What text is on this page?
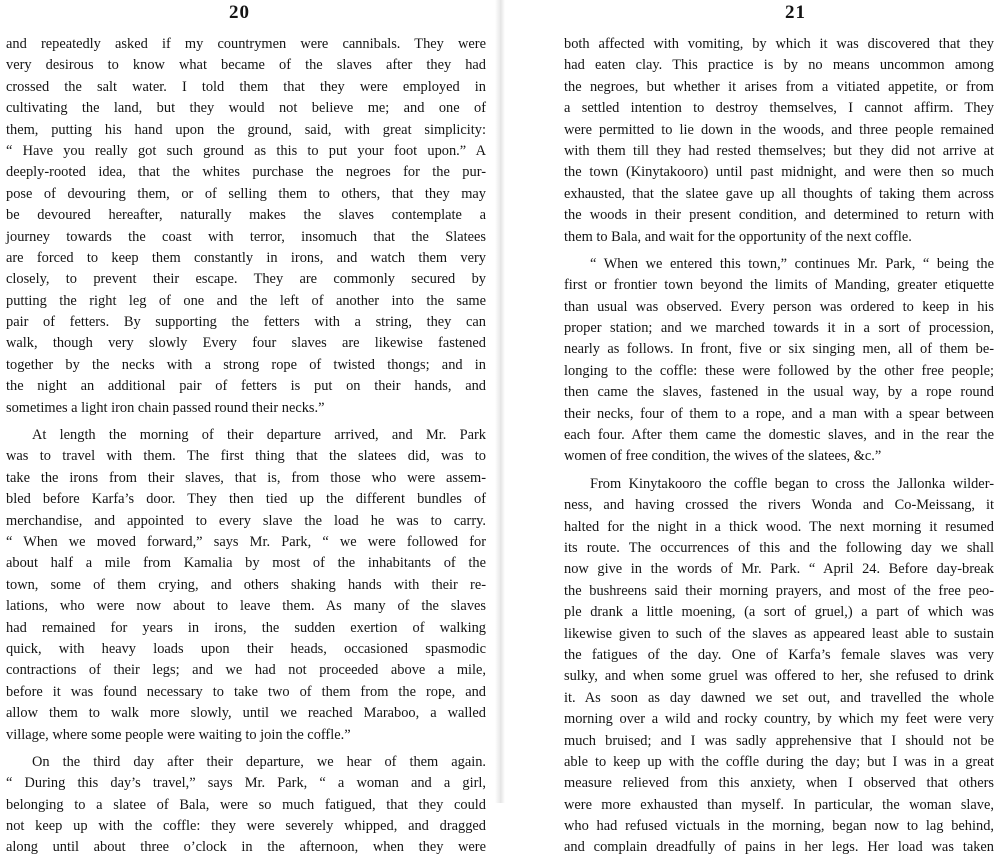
20
and repeatedly asked if my countrymen were cannibals. They were
very desirous to know what became of the slaves after they had
crossed the salt water. I told them that they were employed in
cultivating the land, but they would not believe me; and one of
them, putting his hand upon the ground, said, with great simplicity:
“ Have you really got such ground as this to put your foot upon.” A
deeply-rooted idea, that the whites purchase the negroes for the pur-
pose of devouring them, or of selling them to others, that they may
be devoured hereafter, naturally makes the slaves contemplate a
journey towards the coast with terror, insomuch that the Slatees
are forced to keep them constantly in irons, and watch them very
closely, to prevent their escape. They are commonly secured by
putting the right leg of one and the left of another into the same
pair of fetters. By supporting the fetters with a string, they can
walk, though very slowly Every four slaves are likewise fastened
together by the necks with a strong rope of twisted thongs; and in
the night an additional pair of fetters is put on their hands, and
sometimes a light iron chain passed round their necks.”
At length the morning of their departure arrived, and Mr. Park
was to travel with them. The first thing that the slatees did, was to
take the irons from their slaves, that is, from those who were assem-
bled before Karfa’s door. They then tied up the different bundles of
merchandise, and appointed to every slave the load he was to carry.
“ When we moved forward,” says Mr. Park, “ we were followed for
about half a mile from Kamalia by most of the inhabitants of the
town, some of them crying, and others shaking hands with their re-
lations, who were now about to leave them. As many of the slaves
had remained for years in irons, the sudden exertion of walking
quick, with heavy loads upon their heads, occasioned spasmodic
contractions of their legs; and we had not proceeded above a mile,
before it was found necessary to take two of them from the rope, and
allow them to walk more slowly, until we reached Maraboo, a walled
village, where some people were waiting to join the coffle.”
On the third day after their departure, we hear of them again.
“ During this day’s travel,” says Mr. Park, “ a woman and a girl,
belonging to a slatee of Bala, were so much fatigued, that they could
not keep up with the coffle: they were severely whipped, and dragged
along until about three o’clock in the afternoon, when they were
21
both affected with vomiting, by which it was discovered that they
had eaten clay. This practice is by no means uncommon among
the negroes, but whether it arises from a vitiated appetite, or from
a settled intention to destroy themselves, I cannot affirm. They
were permitted to lie down in the woods, and three people remained
with them till they had rested themselves; but they did not arrive at
the town (Kinytakooro) until past midnight, and were then so much
exhausted, that the slatee gave up all thoughts of taking them across
the woods in their present condition, and determined to return with
them to Bala, and wait for the opportunity of the next coffle.
“ When we entered this town,” continues Mr. Park, “ being the
first or frontier town beyond the limits of Manding, greater etiquette
than usual was observed. Every person was ordered to keep in his
proper station; and we marched towards it in a sort of procession,
nearly as follows. In front, five or six singing men, all of them be-
longing to the coffle: these were followed by the other free people;
then came the slaves, fastened in the usual way, by a rope round
their necks, four of them to a rope, and a man with a spear between
each four. After them came the domestic slaves, and in the rear the
women of free condition, the wives of the slatees, &c.”
From Kinytakooro the coffle began to cross the Jallonka wilder-
ness, and having crossed the rivers Wonda and Co-Meissang, it
halted for the night in a thick wood. The next morning it resumed
its route. The occurrences of this and the following day we shall
now give in the words of Mr. Park. “ April 24. Before day-break
the bushreens said their morning prayers, and most of the free peo-
ple drank a little moening, (a sort of gruel,) a part of which was
likewise given to such of the slaves as appeared least able to sustain
the fatigues of the day. One of Karfa’s female slaves was very
sulky, and when some gruel was offered to her, she refused to drink
it. As soon as day dawned we set out, and travelled the whole
morning over a wild and rocky country, by which my feet were very
much bruised; and I was sadly apprehensive that I should not be
able to keep up with the coffle during the day; but I was in a great
measure relieved from this anxiety, when I observed that others
were more exhausted than myself. In particular, the woman slave,
who had refused victuals in the morning, began now to lag behind,
and complain dreadfully of pains in her legs. Her load was taken
